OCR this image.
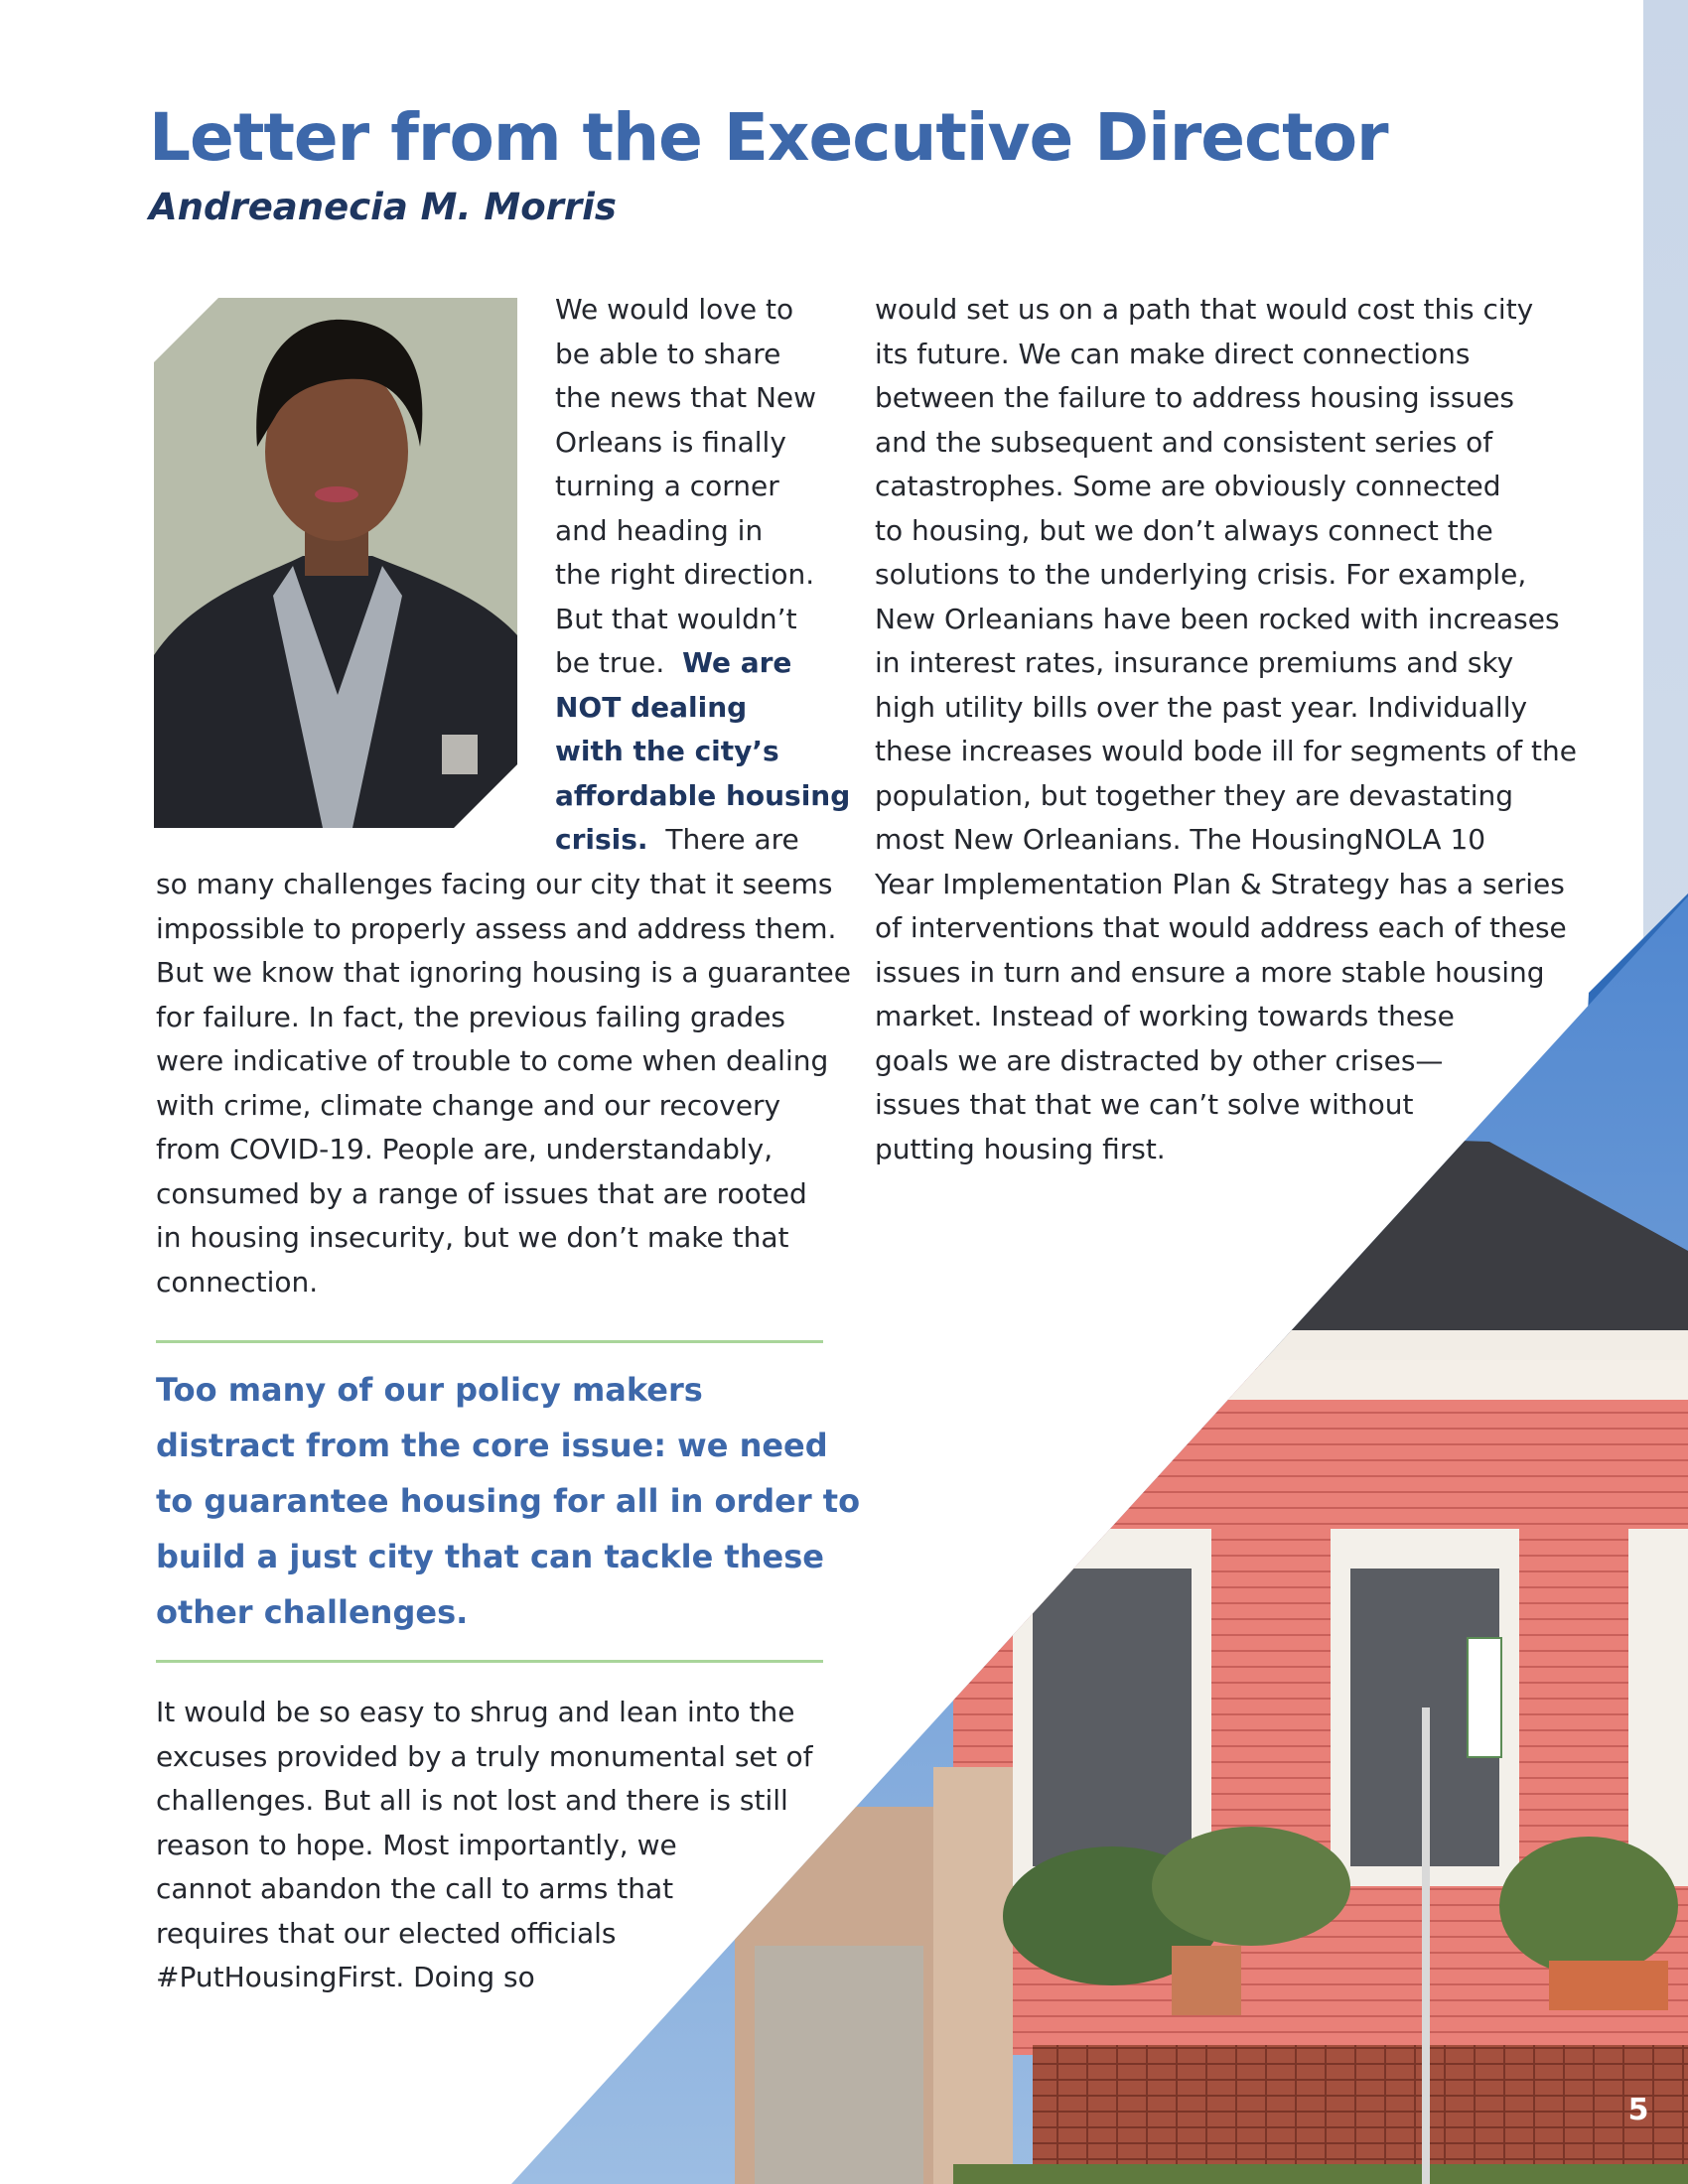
Letter from the Executive Director
Andreanecia M. Morris
We would love to
be able to share
the news that New
Orleans is finally
turning a corner
and heading in
the right direction.
But that wouldn’t
be true.  We are
NOT dealing
with the city’s
affordable housing
crisis.  There are
so many challenges facing our city that it seems
impossible to properly assess and address them.
But we know that ignoring housing is a guarantee
for failure. In fact, the previous failing grades
were indicative of trouble to come when dealing
with crime, climate change and our recovery
from COVID-19. People are, understandably,
consumed by a range of issues that are rooted
in housing insecurity, but we don’t make that
connection.
Too many of our policy makers
distract from the core issue: we need
to guarantee housing for all in order to
build a just city that can tackle these
other challenges.
It would be so easy to shrug and lean into the
excuses provided by a truly monumental set of
challenges. But all is not lost and there is still
reason to hope. Most importantly, we
cannot abandon the call to arms that
requires that our elected officials
#PutHousingFirst. Doing so
would set us on a path that would cost this city
its future. We can make direct connections
between the failure to address housing issues
and the subsequent and consistent series of
catastrophes. Some are obviously connected
to housing, but we don’t always connect the
solutions to the underlying crisis. For example,
New Orleanians have been rocked with increases
in interest rates, insurance premiums and sky
high utility bills over the past year. Individually
these increases would bode ill for segments of the
population, but together they are devastating
most New Orleanians. The HousingNOLA 10
Year Implementation Plan & Strategy has a series
of interventions that would address each of these
issues in turn and ensure a more stable housing
market. Instead of working towards these
goals we are distracted by other crises—
issues that that we can’t solve without
putting housing first.
5
